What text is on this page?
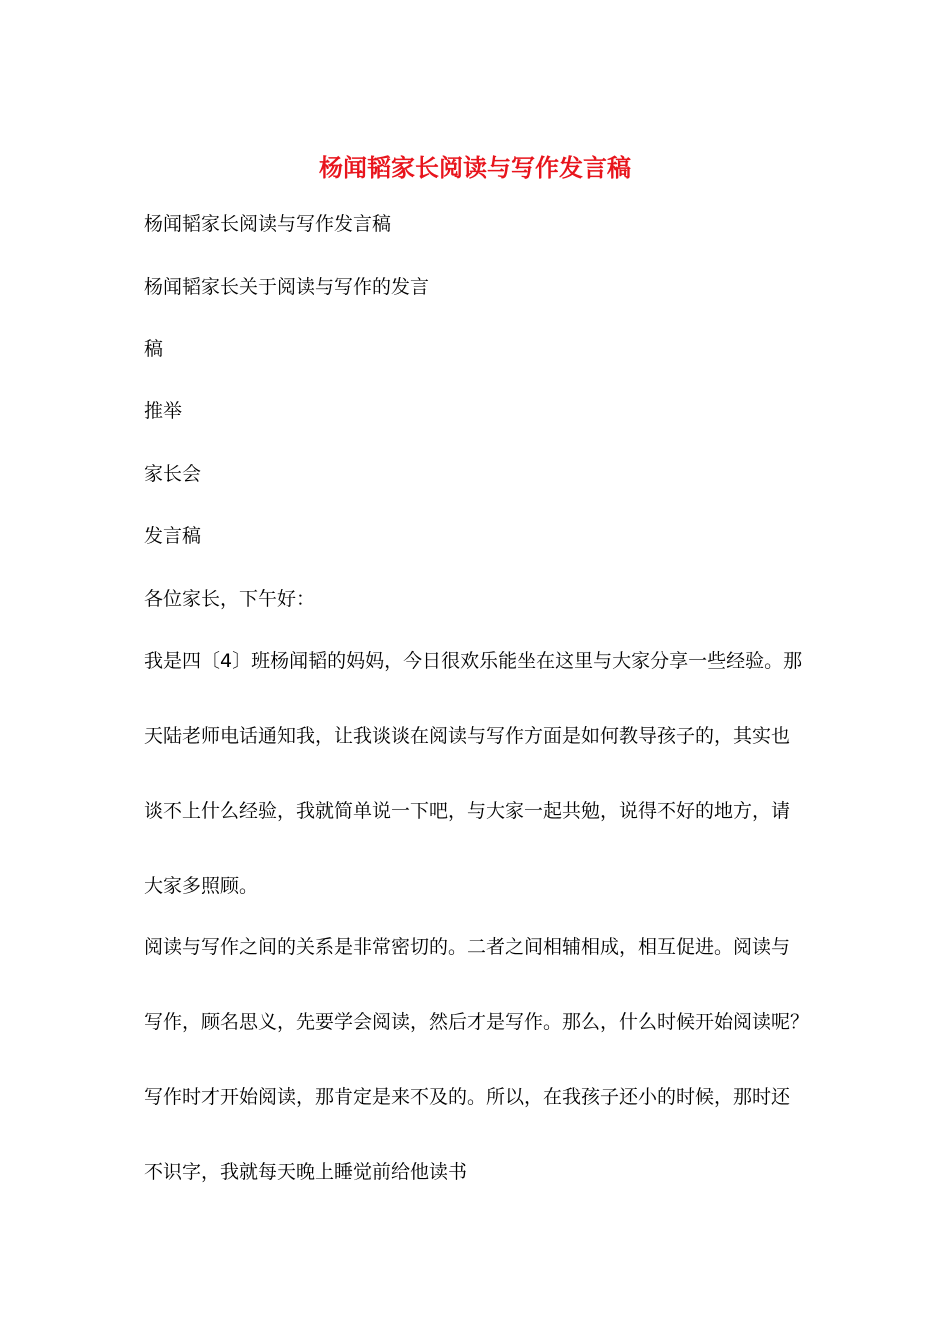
杨闻韬家长阅读与写作发言稿
杨闻韬家长阅读与写作发言稿
杨闻韬家长关于阅读与写作的发言
稿
推举
家长会
发言稿
各位家长，下午好：
我是四〔4〕班杨闻韬的妈妈，今日很欢乐能坐在这里与大家分享一些经验。那
天陆老师电话通知我，让我谈谈在阅读与写作方面是如何教导孩子的，其实也
谈不上什么经验，我就简单说一下吧，与大家一起共勉，说得不好的地方，请
大家多照顾。
阅读与写作之间的关系是非常密切的。二者之间相辅相成，相互促进。阅读与
写作，顾名思义，先要学会阅读，然后才是写作。那么，什么时候开始阅读呢？
写作时才开始阅读，那肯定是来不及的。所以，在我孩子还小的时候，那时还
不识字，我就每天晚上睡觉前给他读书
